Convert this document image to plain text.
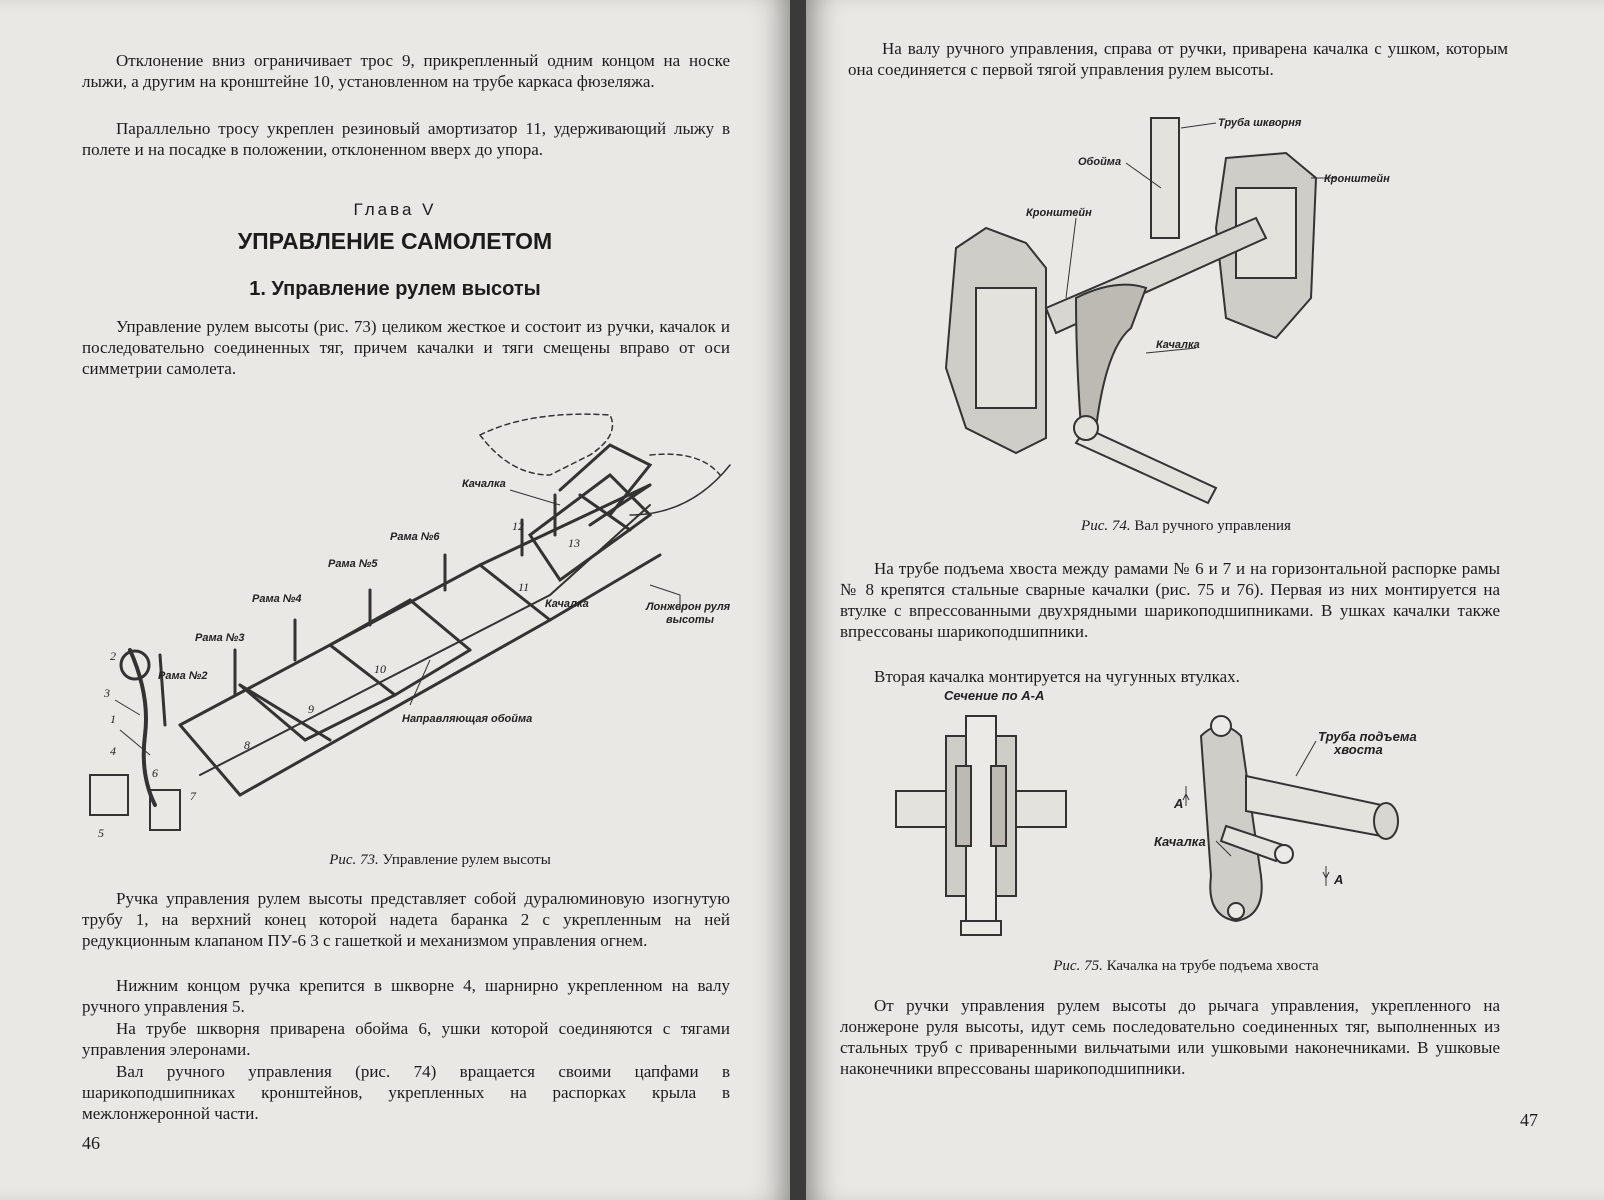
Отклонение вниз ограничивает трос 9, прикрепленный одним концом на носке лыжи, а другим на кронштейне 10, установленном на трубе каркаса фюзеляжа.

Параллельно тросу укреплен резиновый амортизатор 11, удерживающий лыжу в полете и на посадке в положении, отклоненном вверх до упора.

Глава V
УПРАВЛЕНИЕ САМОЛЕТОМ
1. Управление рулем высоты

Управление рулем высоты (рис. 73) целиком жесткое и состоит из ручки, качалок и последовательно соединенных тяг, причем качалки и тяги смещены вправо от оси симметрии самолета.

Качалка
Рама №6
Рама №5
Рама №4
Рама №3
Рама №2
Качалка	Лонжерон руля
высоты
Направляющая обойма
2
3
1
4
5
6
7
8
9
10
11
12
13

Рис. 73. Управление рулем высоты

Ручка управления рулем высоты представляет собой дуралюминовую изогнутую трубу 1, на верхний конец которой надета баранка 2 с укрепленным на ней редукционным клапаном ПУ-6 3 с гашеткой и механизмом управления огнем.

Нижним концом ручка крепится в шкворне 4, шарнирно укрепленном на валу ручного управления 5.

На трубе шкворня приварена обойма 6, ушки которой соединяются с тягами управления элеронами.

Вал ручного управления (рис. 74) вращается своими цапфами в шарикоподшипниках кронштейнов, укрепленных на распорках крыла в межлонжеронной части.

46

На валу ручного управления, справа от ручки, приварена качалка с ушком, которым она соединяется с первой тягой управления рулем высоты.

Труба шкворня
Обойма
Кронштейн
Кронштейн
Качалка

Рис. 74. Вал ручного управления

На трубе подъема хвоста между рамами № 6 и 7 и на горизонтальной распорке рамы № 8 крепятся стальные сварные качалки (рис. 75 и 76). Первая из них монтируется на втулке с впрессованными двухрядными шарикоподшипниками. В ушках качалки также впрессованы шарикоподшипники.

Вторая качалка монтируется на чугунных втулках.

Сечение по А-А
Труба подъема
хвоста
Качалка
А
А

Рис. 75. Качалка на трубе подъема хвоста

От ручки управления рулем высоты до рычага управления, укрепленного на лонжероне руля высоты, идут семь последовательно соединенных тяг, выполненных из стальных труб с приваренными вильчатыми или ушковыми наконечниками. В ушковые наконечники впрессованы шарикоподшипники.

47
